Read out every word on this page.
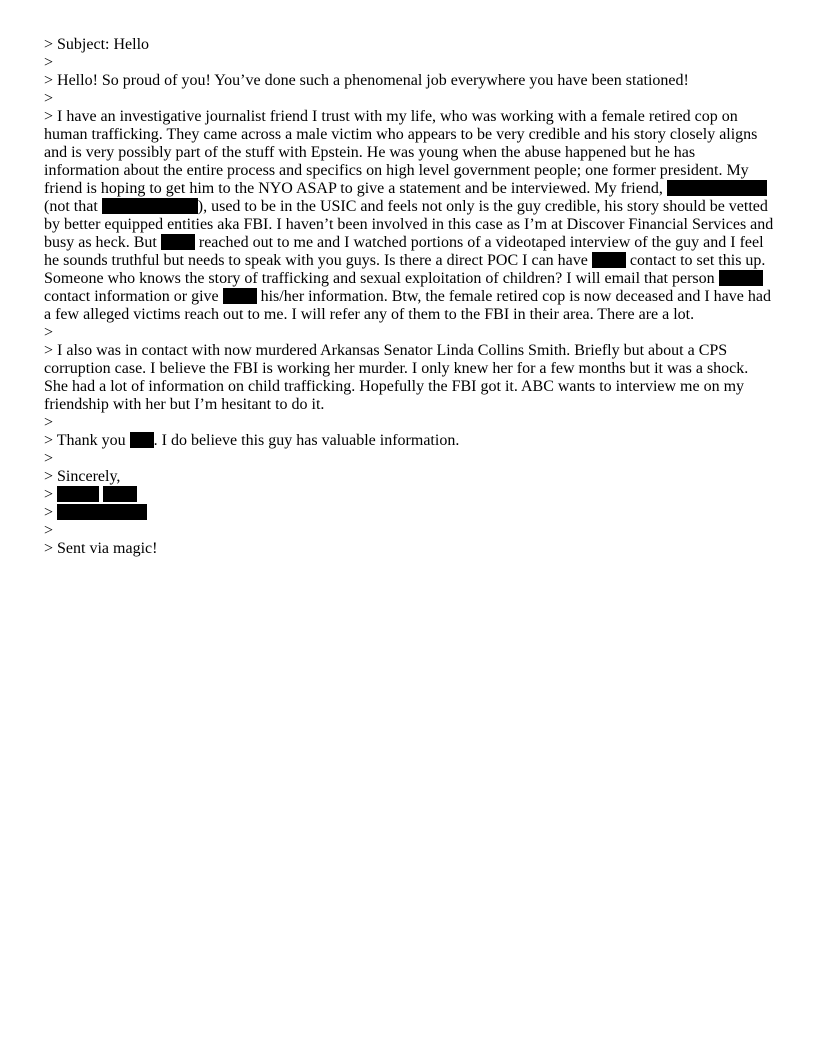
> Subject: Hello
>
> Hello! So proud of you! You’ve done such a phenomenal job everywhere you have been stationed!
>
> I have an investigative journalist friend I trust with my life, who was working with a female retired cop on human trafficking. They came across a male victim who appears to be very credible and his story closely aligns and is very possibly part of the stuff with Epstein. He was young when the abuse happened but he has information about the entire process and specifics on high level government people; one former president. My friend is hoping to get him to the NYO ASAP to give a statement and be interviewed. My friend,  (not that	), used to be in the USIC and feels not only is the guy credible, his story should be vetted by better equipped entities aka FBI. I haven’t been involved in this case as I’m at Discover Financial Services and busy as heck. But	reached out to me and I watched portions of a videotaped interview of the guy and I feel he sounds truthful but needs to speak with you guys. Is there a direct POC I can have	contact to set this up. Someone who knows the story of trafficking and sexual exploitation of children? I will email that person  contact information or give	his/her information. Btw, the female retired cop is now deceased and I have had a few alleged victims reach out to me. I will refer any of them to the FBI in their area. There are a lot.
>
> I also was in contact with now murdered Arkansas Senator Linda Collins Smith. Briefly but about a CPS corruption case. I believe the FBI is working her murder. I only knew her for a few months but it was a shock. She had a lot of information on child trafficking. Hopefully the FBI got it. ABC wants to interview me on my friendship with her but I’m hesitant to do it.
>
> Thank you . I do believe this guy has valuable information.
>
> Sincerely,
>
>
>
> Sent via magic!
